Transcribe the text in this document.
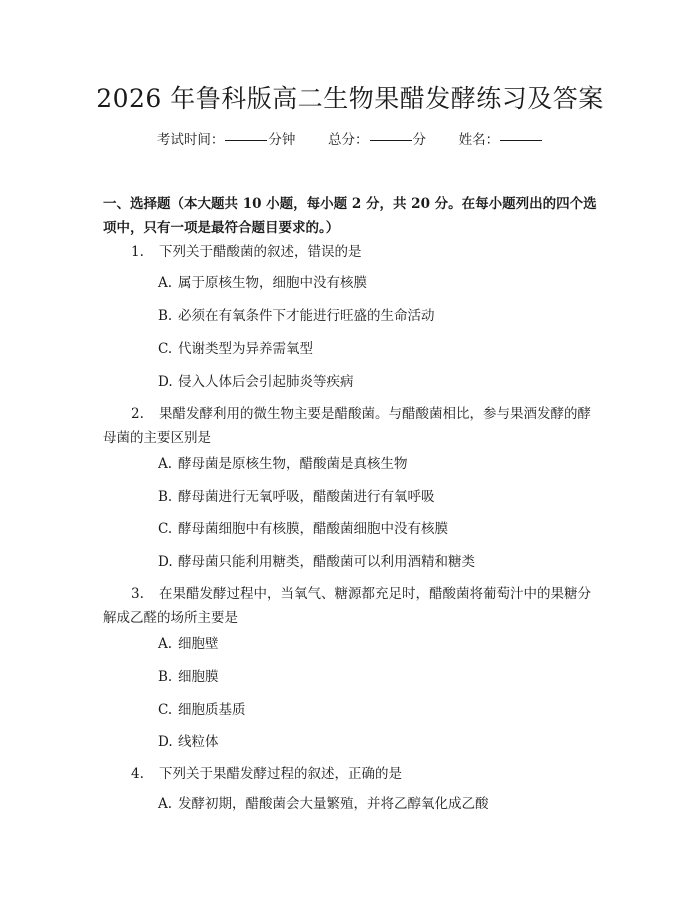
2026 年鲁科版高二生物果醋发酵练习及答案
考试时间：	分钟 总分：	分 姓名：
一、选择题（本大题共 10 小题，每小题 2 分，共 20 分。在每小题列出的四个选项中，只有一项是最符合题目要求的。）
1. 下列关于醋酸菌的叙述，错误的是
A. 属于原核生物，细胞中没有核膜
B. 必须在有氧条件下才能进行旺盛的生命活动
C. 代谢类型为异养需氧型
D. 侵入人体后会引起肺炎等疾病
2. 果醋发酵利用的微生物主要是醋酸菌。与醋酸菌相比，参与果酒发酵的酵母菌的主要区别是
A. 酵母菌是原核生物，醋酸菌是真核生物
B. 酵母菌进行无氧呼吸，醋酸菌进行有氧呼吸
C. 酵母菌细胞中有核膜，醋酸菌细胞中没有核膜
D. 酵母菌只能利用糖类，醋酸菌可以利用酒精和糖类
3. 在果醋发酵过程中，当氧气、糖源都充足时，醋酸菌将葡萄汁中的果糖分解成乙醛的场所主要是
A. 细胞壁
B. 细胞膜
C. 细胞质基质
D. 线粒体
4. 下列关于果醋发酵过程的叙述，正确的是
A. 发酵初期，醋酸菌会大量繁殖，并将乙醇氧化成乙酸
